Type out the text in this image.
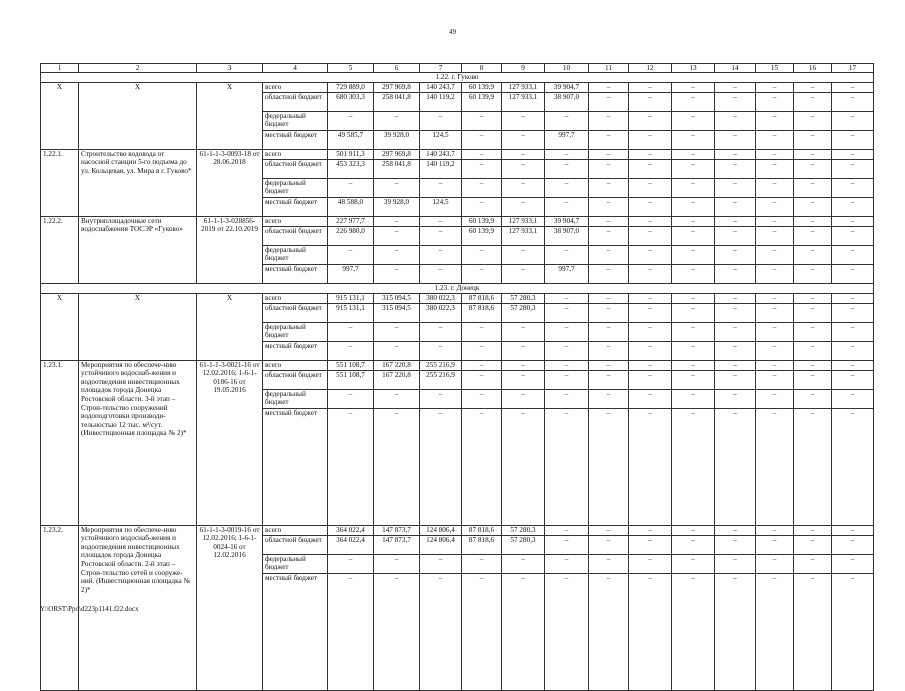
49
1	2	3	4	5	6	7	8	9	10	11	12	13	14	15	16	17
1.22. г. Гуково																
Х	Х	Х	всего	729 889,0	297 969,8	140 243,7	60 139,9	127 933,1	39 904,7	–	–	–	–	–	–	–
			областной бюджет	680 303,3	258 041,8	140 119,2	60 139,9	127 933,1	38 907,0	–	–	–	–	–	–	–
			федеральный бюджет	–	–	–	–	–	–	–	–	–	–	–	–	–
			местный бюджет	49 585,7	39 928,0	124,5	–	–	997,7	–	–	–	–	–	–	–
1.22.1.	Строительство водовода от насосной станции 5-го подъема до ул. Кольцевая, ул. Мира в г. Гуково*	61-1-1-3-0093-18 от 28.06.2018	всего	501 911,3	297 969,8	140 243,7	–	–	–	–	–	–	–	–	–	–
			областной бюджет	453 323,3	258 041,8	140 119,2	–	–	–	–	–	–	–	–	–	–
			федеральный бюджет	–	–	–	–	–	–	–	–	–	–	–	–	–
			местный бюджет	48 588,0	39 928,0	124,5	–	–	–	–	–	–	–	–	–	–
1.22.2.	Внутриплощадочные сети водоснабжения ТОСЭР «Гуково»	61-1-1-3-028856-2019 от 22.10.2019	всего	227 977,7	–	–	60 139,9	127 933,1	39 904,7	–	–	–	–	–	–	–
			областной бюджет	226 980,0	–	–	60 139,9	127 933,1	38 907,0	–	–	–	–	–	–	–
			федеральный бюджет	–	–	–	–	–	–	–	–	–	–	–	–	–
			местный бюджет	997,7	–	–	–	–	997,7	–	–	–	–	–	–	–
1.23. г. Донецк																
Х	Х	Х	всего	915 131,1	315 094,5	380 022,3	87 818,6	57 280,3	–	–	–	–	–	–	–	–
			областной бюджет	915 131,1	315 094,5	380 022,3	87 818,6	57 280,3	–	–	–	–	–	–	–	–
			федеральный бюджет	–	–	–	–	–	–	–	–	–	–	–	–	–
			местный бюджет	–	–	–	–	–	–	–	–	–	–	–	–	–
1.23.1.	Мероприятия по обеспече-нию устойчивого водоснаб-жения и водоотведения инвестиционных площадок города Донецка Ростовской области. 3-й этап – Строи-тельство сооружений водоподготовки производи-тельностью 12 тыс. м³/сут. (Инвестиционная площадка № 2)*	61-1-1-3-0021-16 от 12.02.2016; 1-6-1-0186-16 от 19.05.2016	всего	551 108,7	167 220,8	255 216,9	–	–	–	–	–	–	–	–	–	–
			областной бюджет	551 108,7	167 220,8	255 216,9	–	–	–	–	–	–	–	–	–	–
			федеральный бюджет	–	–	–	–	–	–	–	–	–	–	–	–	–
			местный бюджет	–	–	–	–	–	–	–	–	–	–	–	–	–
1.23.2.	Мероприятия по обеспече-нию устойчивого водоснаб-жения и водоотведения инвестиционных площадок города Донецка Ростовской области. 2-й этап – Строи-тельство сетей и сооруже-ний. (Инвестиционная площадка № 2)*	61-1-1-3-0019-16 от 12.02.2016; 1-6-1-0024-16 от 12.02.2016	всего	364 022,4	147 873,7	124 806,4	87 818,6	57 280,3	–	–	–	–	–	–	–	–
			областной бюджет	364 022,4	147 873,7	124 806,4	87 818,6	57 280,3	–	–	–	–	–	–	–	–
			федеральный бюджет	–	–	–	–	–	–	–	–	–	–	–	–	–
			местный бюджет	–	–	–	–	–	–	–	–	–	–	–	–	–
Y:\ORST\Ppo\d223p1141.f22.docx
